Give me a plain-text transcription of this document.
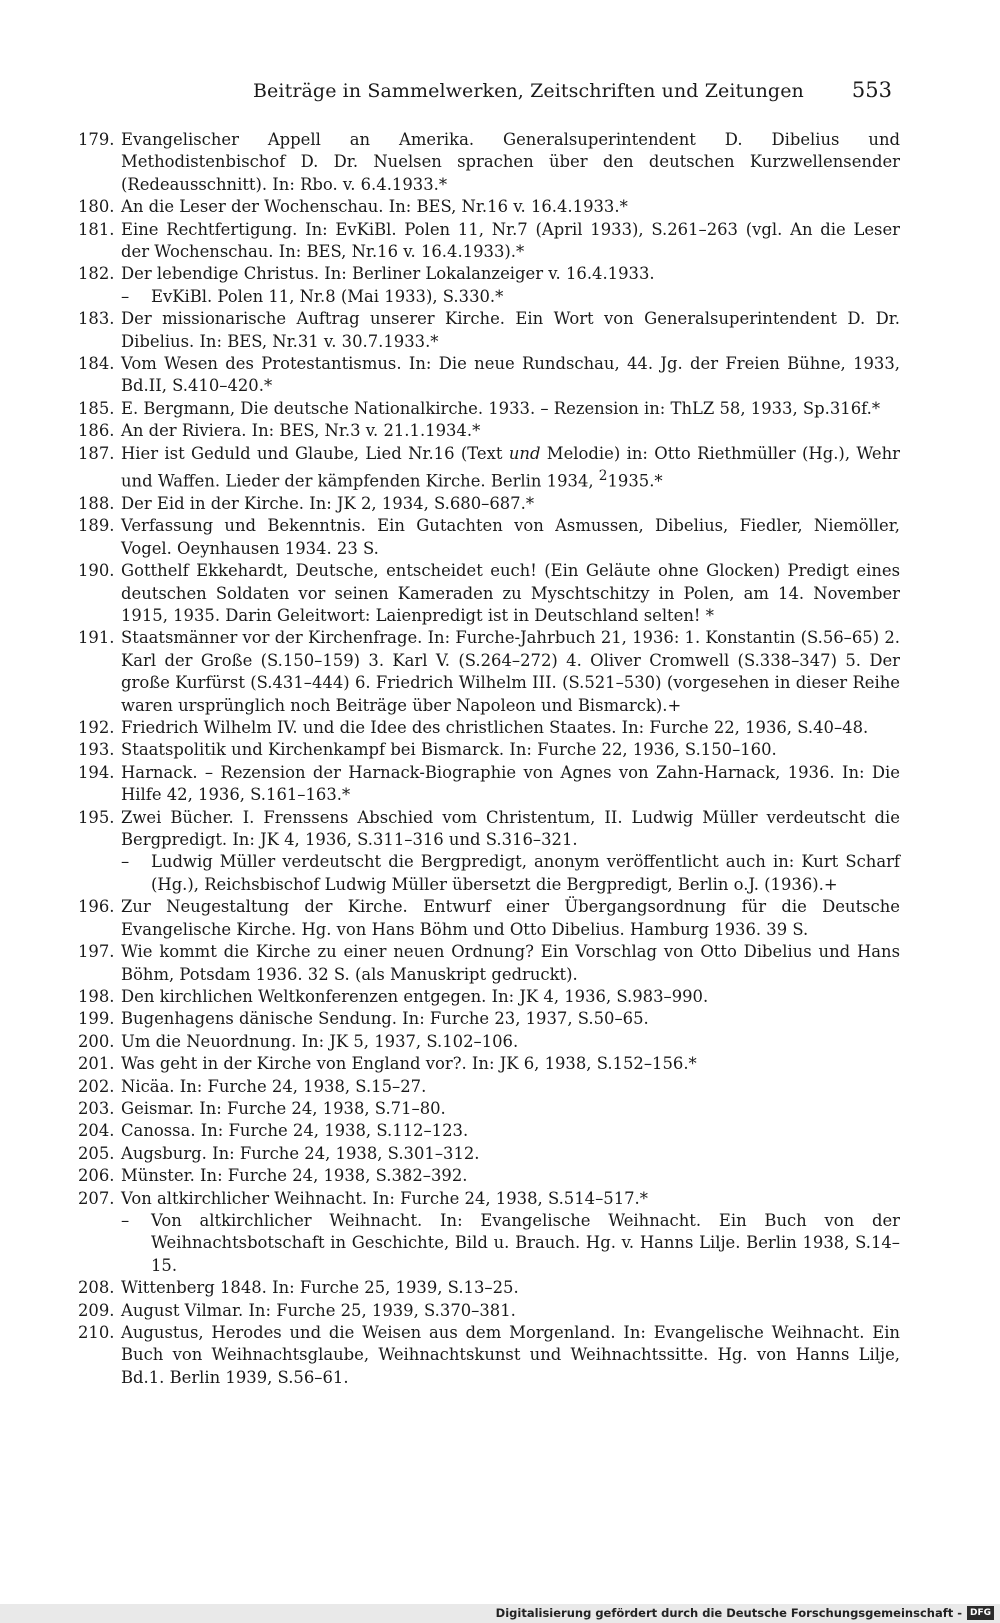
Beiträge in Sammelwerken, Zeitschriften und Zeitungen	553
179. Evangelischer Appell an Amerika. Generalsuperintendent D. Dibelius und Methodistenbischof D. Dr. Nuelsen sprachen über den deutschen Kurzwellensender (Redeausschnitt). In: Rbo. v. 6.4.1933.*
180. An die Leser der Wochenschau. In: BES, Nr.16 v. 16.4.1933.*
181. Eine Rechtfertigung. In: EvKiBl. Polen 11, Nr.7 (April 1933), S.261–263 (vgl. An die Leser der Wochenschau. In: BES, Nr.16 v. 16.4.1933).*
182. Der lebendige Christus. In: Berliner Lokalanzeiger v. 16.4.1933.
–	EvKiBl. Polen 11, Nr.8 (Mai 1933), S.330.*
183. Der missionarische Auftrag unserer Kirche. Ein Wort von Generalsuperintendent D. Dr. Dibelius. In: BES, Nr.31 v. 30.7.1933.*
184. Vom Wesen des Protestantismus. In: Die neue Rundschau, 44. Jg. der Freien Bühne, 1933, Bd.II, S.410–420.*
185. E. Bergmann, Die deutsche Nationalkirche. 1933. – Rezension in: ThLZ 58, 1933, Sp.316f.*
186. An der Riviera. In: BES, Nr.3 v. 21.1.1934.*
187. Hier ist Geduld und Glaube, Lied Nr.16 (Text und Melodie) in: Otto Riethmüller (Hg.), Wehr und Waffen. Lieder der kämpfenden Kirche. Berlin 1934, $^2$1935.*
188. Der Eid in der Kirche. In: JK 2, 1934, S.680–687.*
189. Verfassung und Bekenntnis. Ein Gutachten von Asmussen, Dibelius, Fiedler, Niemöller, Vogel. Oeynhausen 1934. 23 S.
190. Gotthelf Ekkehardt, Deutsche, entscheidet euch! (Ein Geläute ohne Glocken) Predigt eines deutschen Soldaten vor seinen Kameraden zu Myschtschitzy in Polen, am 14. November 1915, 1935. Darin Geleitwort: Laienpredigt ist in Deutschland selten! *
191. Staatsmänner vor der Kirchenfrage. In: Furche-Jahrbuch 21, 1936: 1. Konstantin (S.56–65) 2. Karl der Große (S.150–159) 3. Karl V. (S.264–272) 4. Oliver Cromwell (S.338–347) 5. Der große Kurfürst (S.431–444) 6. Friedrich Wilhelm III. (S.521–530) (vorgesehen in dieser Reihe waren ursprünglich noch Beiträge über Napoleon und Bismarck).+
192. Friedrich Wilhelm IV. und die Idee des christlichen Staates. In: Furche 22, 1936, S.40–48.
193. Staatspolitik und Kirchenkampf bei Bismarck. In: Furche 22, 1936, S.150–160.
194. Harnack. – Rezension der Harnack-Biographie von Agnes von Zahn-Harnack, 1936. In: Die Hilfe 42, 1936, S.161–163.*
195. Zwei Bücher. I. Frenssens Abschied vom Christentum, II. Ludwig Müller verdeutscht die Bergpredigt. In: JK 4, 1936, S.311–316 und S.316–321.
–	Ludwig Müller verdeutscht die Bergpredigt, anonym veröffentlicht auch in: Kurt Scharf (Hg.), Reichsbischof Ludwig Müller übersetzt die Bergpredigt, Berlin o.J. (1936).+
196. Zur Neugestaltung der Kirche. Entwurf einer Übergangsordnung für die Deutsche Evangelische Kirche. Hg. von Hans Böhm und Otto Dibelius. Hamburg 1936. 39 S.
197. Wie kommt die Kirche zu einer neuen Ordnung? Ein Vorschlag von Otto Dibelius und Hans Böhm, Potsdam 1936. 32 S. (als Manuskript gedruckt).
198. Den kirchlichen Weltkonferenzen entgegen. In: JK 4, 1936, S.983–990.
199. Bugenhagens dänische Sendung. In: Furche 23, 1937, S.50–65.
200. Um die Neuordnung. In: JK 5, 1937, S.102–106.
201. Was geht in der Kirche von England vor?. In: JK 6, 1938, S.152–156.*
202. Nicäa. In: Furche 24, 1938, S.15–27.
203. Geismar. In: Furche 24, 1938, S.71–80.
204. Canossa. In: Furche 24, 1938, S.112–123.
205. Augsburg. In: Furche 24, 1938, S.301–312.
206. Münster. In: Furche 24, 1938, S.382–392.
207. Von altkirchlicher Weihnacht. In: Furche 24, 1938, S.514–517.*
–	Von altkirchlicher Weihnacht. In: Evangelische Weihnacht. Ein Buch von der Weihnachtsbotschaft in Geschichte, Bild u. Brauch. Hg. v. Hanns Lilje. Berlin 1938, S.14–15.
208. Wittenberg 1848. In: Furche 25, 1939, S.13–25.
209. August Vilmar. In: Furche 25, 1939, S.370–381.
210. Augustus, Herodes und die Weisen aus dem Morgenland. In: Evangelische Weihnacht. Ein Buch von Weihnachtsglaube, Weihnachtskunst und Weihnachtssitte. Hg. von Hanns Lilje, Bd.1. Berlin 1939, S.56–61.
Digitalisierung gefördert durch die Deutsche Forschungsgemeinschaft - DFG
